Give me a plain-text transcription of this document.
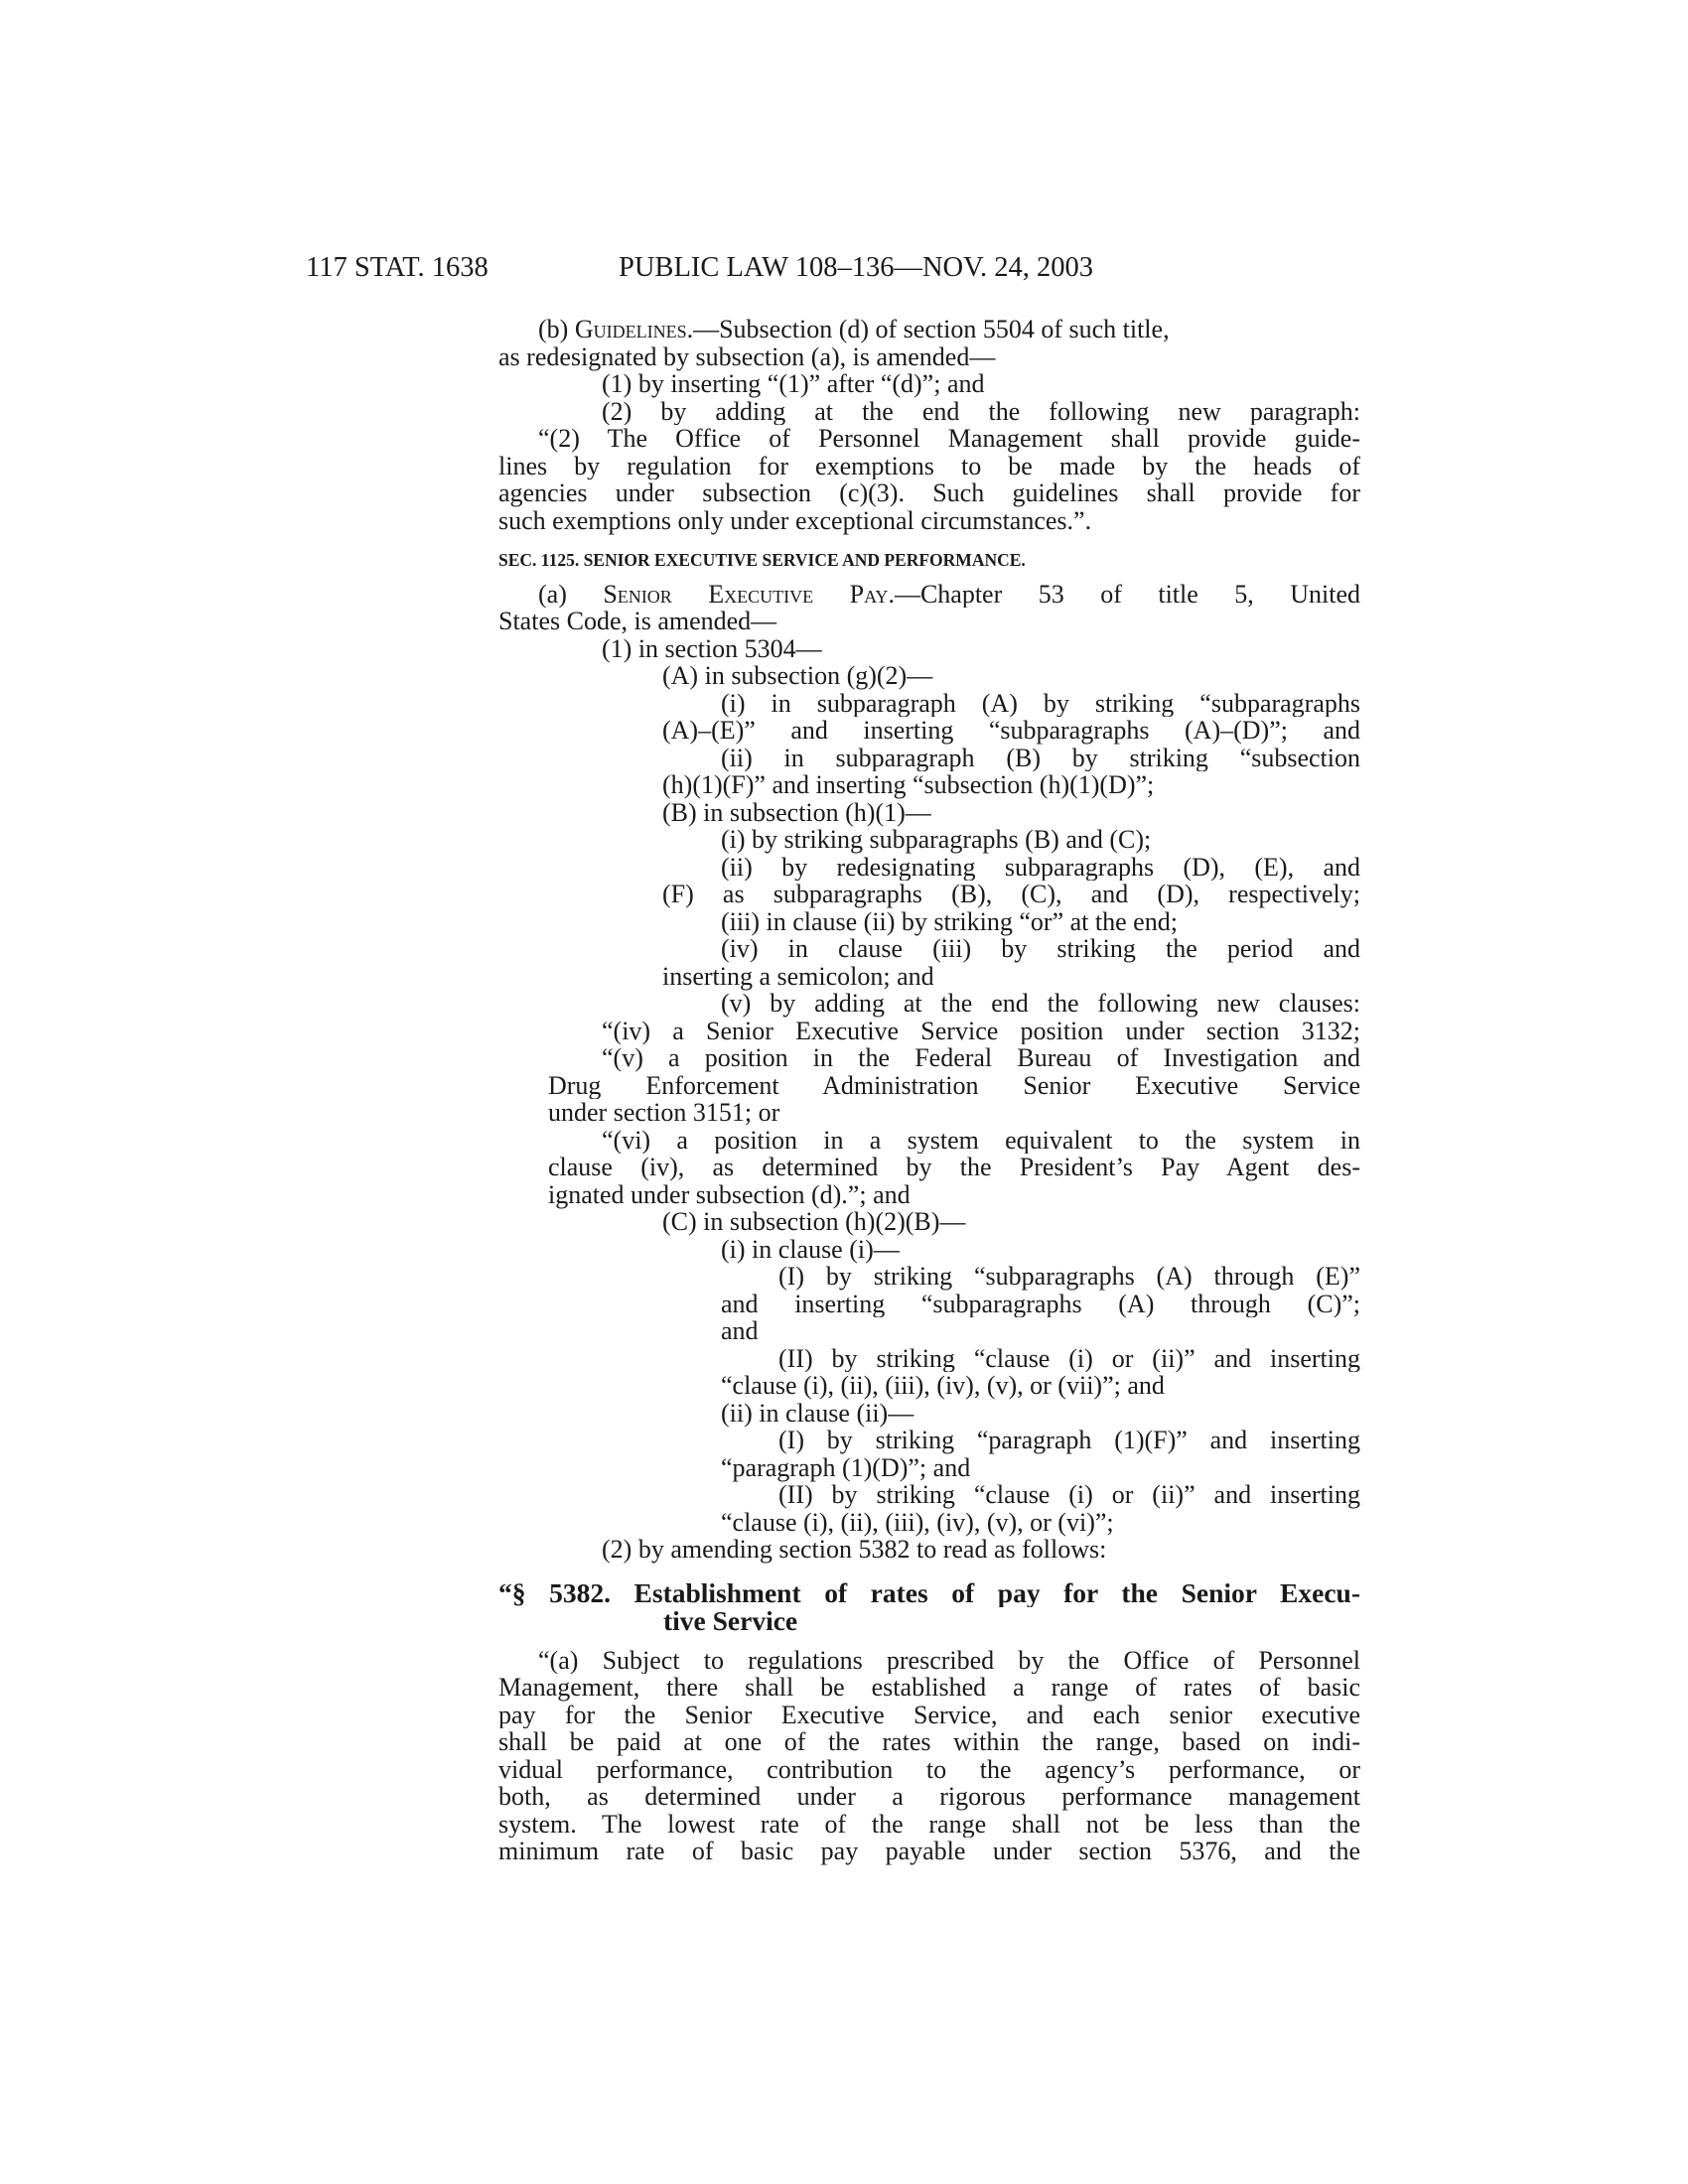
117 STAT. 1638	PUBLIC LAW 108–136—NOV. 24, 2003
(b) Guidelines.—Subsection (d) of section 5504 of such title,
as redesignated by subsection (a), is amended—
(1) by inserting “(1)” after “(d)”; and
(2) by adding at the end the following new paragraph:
“(2) The Office of Personnel Management shall provide guide-
lines by regulation for exemptions to be made by the heads of
agencies under subsection (c)(3). Such guidelines shall provide for
such exemptions only under exceptional circumstances.”.
SEC. 1125. SENIOR EXECUTIVE SERVICE AND PERFORMANCE.
(a) Senior Executive Pay.—Chapter 53 of title 5, United
States Code, is amended—
(1) in section 5304—
(A) in subsection (g)(2)—
(i) in subparagraph (A) by striking “subparagraphs
(A)–(E)” and inserting “subparagraphs (A)–(D)”; and
(ii) in subparagraph (B) by striking “subsection
(h)(1)(F)” and inserting “subsection (h)(1)(D)”;
(B) in subsection (h)(1)—
(i) by striking subparagraphs (B) and (C);
(ii) by redesignating subparagraphs (D), (E), and
(F) as subparagraphs (B), (C), and (D), respectively;
(iii) in clause (ii) by striking “or” at the end;
(iv) in clause (iii) by striking the period and
inserting a semicolon; and
(v) by adding at the end the following new clauses:
“(iv) a Senior Executive Service position under section 3132;
“(v) a position in the Federal Bureau of Investigation and
Drug Enforcement Administration Senior Executive Service
under section 3151; or
“(vi) a position in a system equivalent to the system in
clause (iv), as determined by the President’s Pay Agent des-
ignated under subsection (d).”; and
(C) in subsection (h)(2)(B)—
(i) in clause (i)—
(I) by striking “subparagraphs (A) through (E)”
and inserting “subparagraphs (A) through (C)”;
and
(II) by striking “clause (i) or (ii)” and inserting
“clause (i), (ii), (iii), (iv), (v), or (vii)”; and
(ii) in clause (ii)—
(I) by striking “paragraph (1)(F)” and inserting
“paragraph (1)(D)”; and
(II) by striking “clause (i) or (ii)” and inserting
“clause (i), (ii), (iii), (iv), (v), or (vi)”;
(2) by amending section 5382 to read as follows:
“§ 5382. Establishment of rates of pay for the Senior Execu-
tive Service
“(a) Subject to regulations prescribed by the Office of Personnel
Management, there shall be established a range of rates of basic
pay for the Senior Executive Service, and each senior executive
shall be paid at one of the rates within the range, based on indi-
vidual performance, contribution to the agency’s performance, or
both, as determined under a rigorous performance management
system. The lowest rate of the range shall not be less than the
minimum rate of basic pay payable under section 5376, and the
